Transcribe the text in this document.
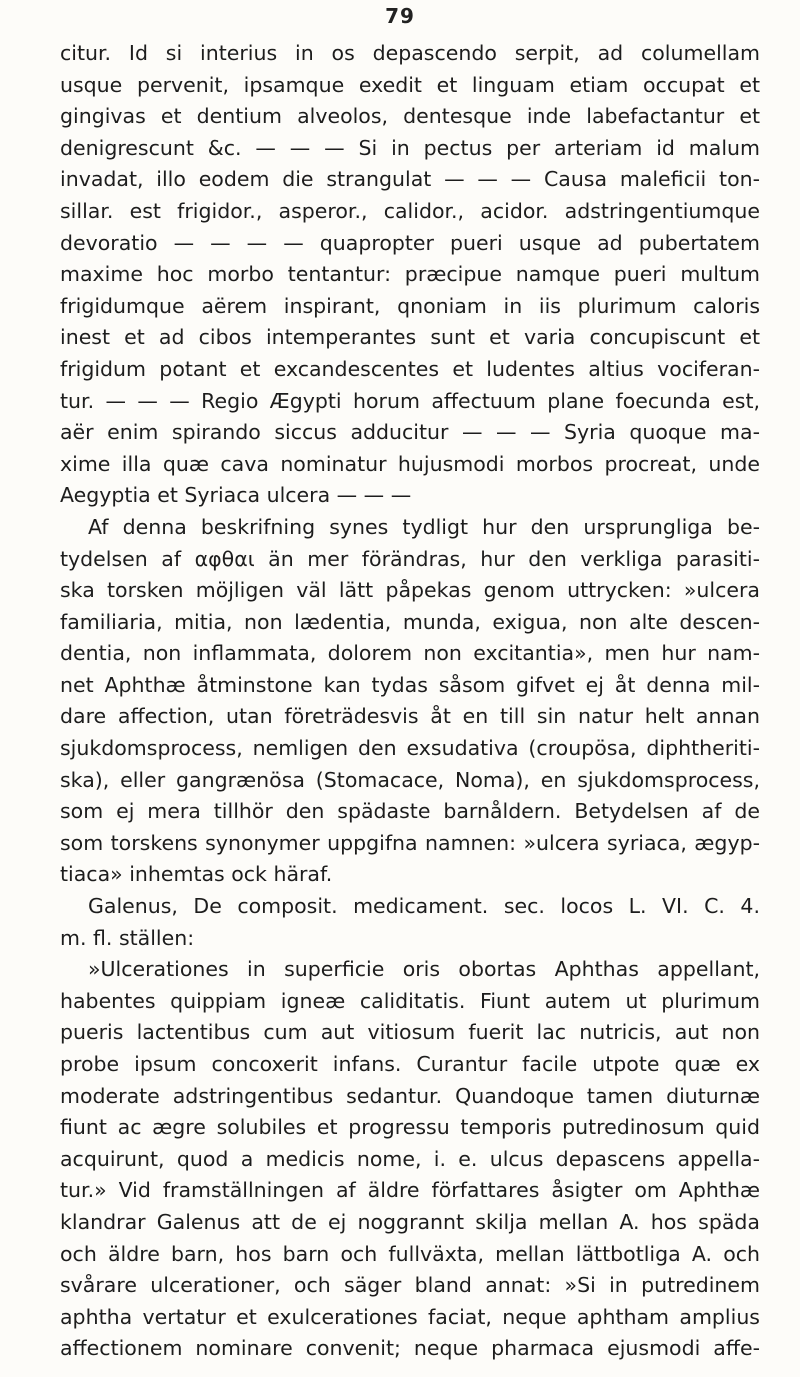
79
citur. Id si interius in os depascendo serpit, ad columellam
usque pervenit, ipsamque exedit et linguam etiam occupat et
gingivas et dentium alveolos, dentesque inde labefactantur et
denigrescunt &c. — — — Si in pectus per arteriam id malum
invadat, illo eodem die strangulat — — — Causa maleficii ton-
sillar. est frigidor., asperor., calidor., acidor. adstringentiumque
devoratio — — — — quapropter pueri usque ad pubertatem
maxime hoc morbo tentantur: præcipue namque pueri multum
frigidumque aërem inspirant, qnoniam in iis plurimum caloris
inest et ad cibos intemperantes sunt et varia concupiscunt et
frigidum potant et excandescentes et ludentes altius vociferan-
tur. — — — Regio Ægypti horum affectuum plane foecunda est,
aër enim spirando siccus adducitur — — — Syria quoque ma-
xime illa quæ cava nominatur hujusmodi morbos procreat, unde
Aegyptia et Syriaca ulcera — — —
Af denna beskrifning synes tydligt hur den ursprungliga be-
tydelsen af αφθαι än mer förändras, hur den verkliga parasiti-
ska torsken möjligen väl lätt påpekas genom uttrycken: »ulcera
familiaria, mitia, non lædentia, munda, exigua, non alte descen-
dentia, non inflammata, dolorem non excitantia», men hur nam-
net Aphthæ åtminstone kan tydas såsom gifvet ej åt denna mil-
dare affection, utan företrädesvis åt en till sin natur helt annan
sjukdomsprocess, nemligen den exsudativa (croupösa, diphtheriti-
ska), eller gangrænösa (Stomacace, Noma), en sjukdomsprocess,
som ej mera tillhör den spädaste barnåldern. Betydelsen af de
som torskens synonymer uppgifna namnen: »ulcera syriaca, ægyp-
tiaca» inhemtas ock häraf.
Galenus, De composit. medicament. sec. locos L. VI. C. 4.
m. fl. ställen:
»Ulcerationes in superficie oris obortas Aphthas appellant,
habentes quippiam igneæ caliditatis. Fiunt autem ut plurimum
pueris lactentibus cum aut vitiosum fuerit lac nutricis, aut non
probe ipsum concoxerit infans. Curantur facile utpote quæ ex
moderate adstringentibus sedantur. Quandoque tamen diuturnæ
fiunt ac ægre solubiles et progressu temporis putredinosum quid
acquirunt, quod a medicis nome, i. e. ulcus depascens appella-
tur.» Vid framställningen af äldre författares åsigter om Aphthæ
klandrar Galenus att de ej noggrannt skilja mellan A. hos späda
och äldre barn, hos barn och fullväxta, mellan lättbotliga A. och
svårare ulcerationer, och säger bland annat: »Si in putredinem
aphtha vertatur et exulcerationes faciat, neque aphtham amplius
affectionem nominare convenit; neque pharmaca ejusmodi affe-
